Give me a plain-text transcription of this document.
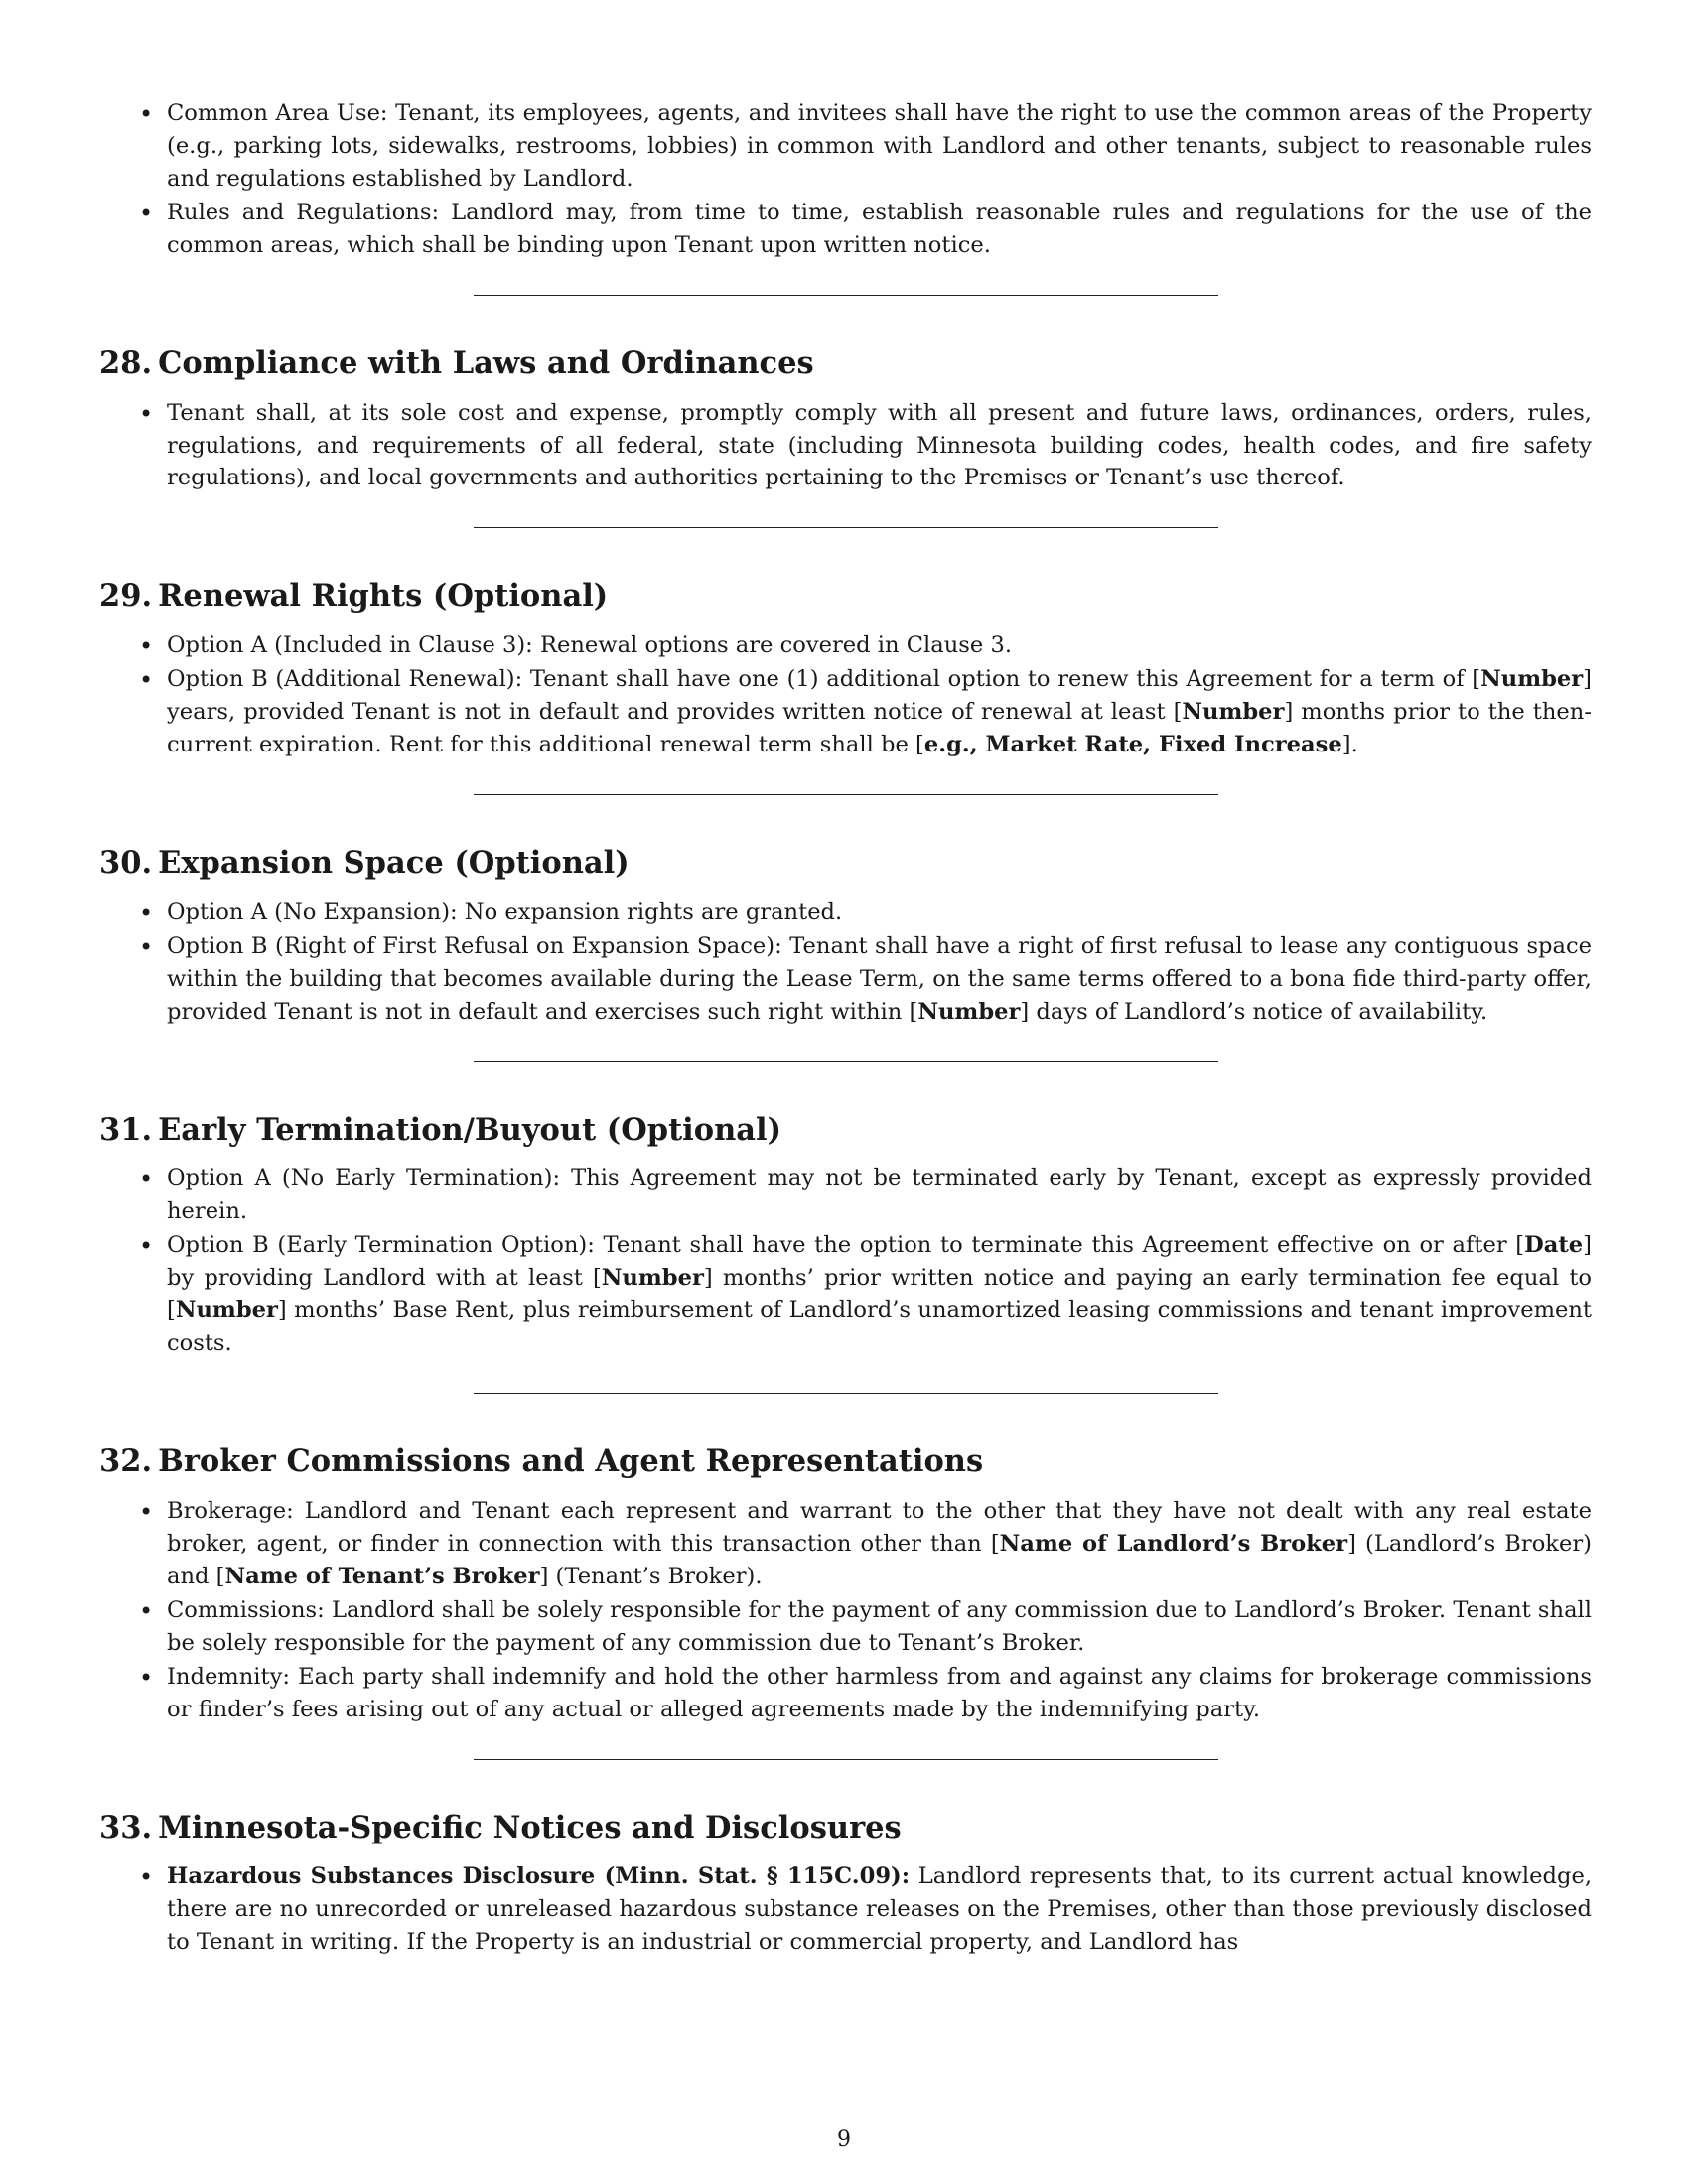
• Common Area Use: Tenant, its employees, agents, and invitees shall have the right to use the common areas of the Property (e.g., parking lots, sidewalks, restrooms, lobbies) in common with Landlord and other tenants, subject to reasonable rules and regulations established by Landlord.
• Rules and Regulations: Landlord may, from time to time, establish reasonable rules and regulations for the use of the common areas, which shall be binding upon Tenant upon written notice.
28. Compliance with Laws and Ordinances
• Tenant shall, at its sole cost and expense, promptly comply with all present and future laws, ordinances, orders, rules, regulations, and requirements of all federal, state (including Minnesota building codes, health codes, and fire safety regulations), and local governments and authorities pertaining to the Premises or Tenant’s use thereof.
29. Renewal Rights (Optional)
• Option A (Included in Clause 3): Renewal options are covered in Clause 3.
• Option B (Additional Renewal): Tenant shall have one (1) additional option to renew this Agreement for a term of [Number] years, provided Tenant is not in default and provides written notice of renewal at least [Number] months prior to the then-current expiration. Rent for this additional renewal term shall be [e.g., Market Rate, Fixed Increase].
30. Expansion Space (Optional)
• Option A (No Expansion): No expansion rights are granted.
• Option B (Right of First Refusal on Expansion Space): Tenant shall have a right of first refusal to lease any contiguous space within the building that becomes available during the Lease Term, on the same terms offered to a bona fide third-party offer, provided Tenant is not in default and exercises such right within [Number] days of Landlord’s notice of availability.
31. Early Termination/Buyout (Optional)
• Option A (No Early Termination): This Agreement may not be terminated early by Tenant, except as expressly provided herein.
• Option B (Early Termination Option): Tenant shall have the option to terminate this Agreement effective on or after [Date] by providing Landlord with at least [Number] months’ prior written notice and paying an early termination fee equal to [Number] months’ Base Rent, plus reimbursement of Landlord’s unamortized leasing commissions and tenant improvement costs.
32. Broker Commissions and Agent Representations
• Brokerage: Landlord and Tenant each represent and warrant to the other that they have not dealt with any real estate broker, agent, or finder in connection with this transaction other than [Name of Landlord’s Broker] (Landlord’s Broker) and [Name of Tenant’s Broker] (Tenant’s Broker).
• Commissions: Landlord shall be solely responsible for the payment of any commission due to Landlord’s Broker. Tenant shall be solely responsible for the payment of any commission due to Tenant’s Broker.
• Indemnity: Each party shall indemnify and hold the other harmless from and against any claims for brokerage commissions or finder’s fees arising out of any actual or alleged agreements made by the indemnifying party.
33. Minnesota-Specific Notices and Disclosures
• Hazardous Substances Disclosure (Minn. Stat. § 115C.09): Landlord represents that, to its current actual knowledge, there are no unrecorded or unreleased hazardous substance releases on the Premises, other than those previously disclosed to Tenant in writing. If the Property is an industrial or commercial property, and Landlord has
9
